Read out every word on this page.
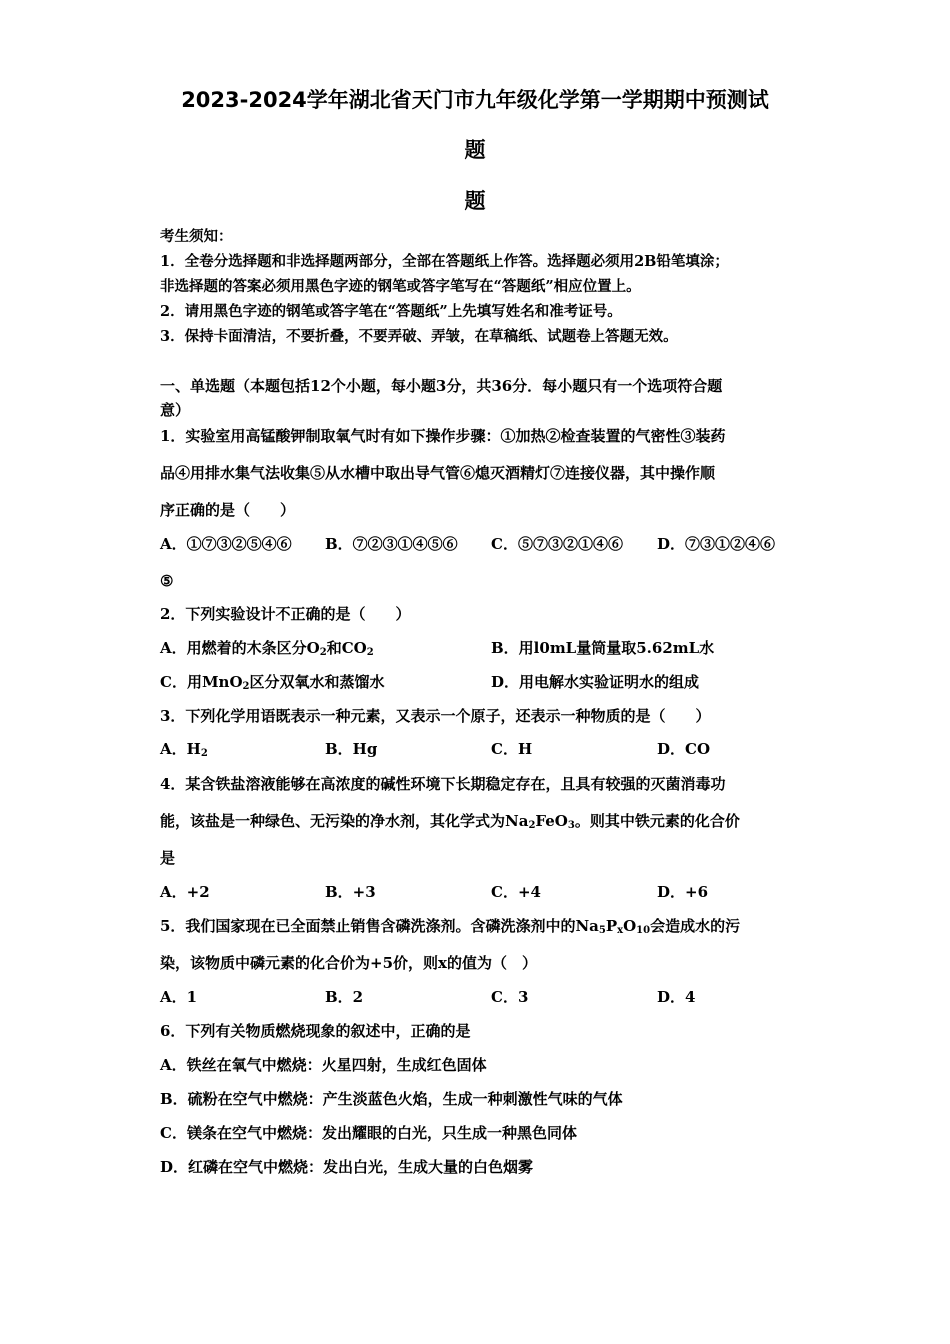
2023-2024学年湖北省天门市九年级化学第一学期期中预测试
题
题
考生须知：
1．全卷分选择题和非选择题两部分，全部在答题纸上作答。选择题必须用2B铅笔填涂；
非选择题的答案必须用黑色字迹的钢笔或答字笔写在“答题纸”相应位置上。
2．请用黑色字迹的钢笔或答字笔在“答题纸”上先填写姓名和准考证号。
3．保持卡面清洁，不要折叠，不要弄破、弄皱，在草稿纸、试题卷上答题无效。
一、单选题（本题包括12个小题，每小题3分，共36分．每小题只有一个选项符合题
意）
1．实验室用高锰酸钾制取氧气时有如下操作步骤：①加热②检查装置的气密性③装药
品④用排水集气法收集⑤从水槽中取出导气管⑥熄灭酒精灯⑦连接仪器，其中操作顺
序正确的是（　　）
A．①⑦③②⑤④⑥ B．⑦②③①④⑤⑥ C．⑤⑦③②①④⑥ D．⑦③①②④⑥
⑤
2．下列实验设计不正确的是（　　）
A．用燃着的木条区分$O_2$和$CO_2$	B．用l0mL量筒量取5.62mL水
C．用MnO$_2$区分双氧水和蒸馏水	D．用电解水实验证明水的组成
3．下列化学用语既表示一种元素，又表示一个原子，还表示一种物质的是（　　）
A．$H_2$	B．Hg	C．H	D．CO
4．某含铁盐溶液能够在高浓度的碱性环境下长期稳定存在，且具有较强的灭菌消毒功
能，该盐是一种绿色、无污染的净水剂，其化学式为$Na_2FeO_3$。则其中铁元素的化合价
是
A．+2	B．+3	C．+4	D．+6
5．我们国家现在已全面禁止销售含磷洗涤剂。含磷洗涤剂中的$Na_5P_xO_{10}$会造成水的污
染，该物质中磷元素的化合价为+5价，则x的值为（　）
A．1	B．2	C．3	D．4
6．下列有关物质燃烧现象的叙述中，正确的是
A．铁丝在氧气中燃烧：火星四射，生成红色固体
B．硫粉在空气中燃烧：产生淡蓝色火焰，生成一种刺激性气味的气体
C．镁条在空气中燃烧：发出耀眼的白光，只生成一种黑色同体
D．红磷在空气中燃烧：发出白光，生成大量的白色烟雾
